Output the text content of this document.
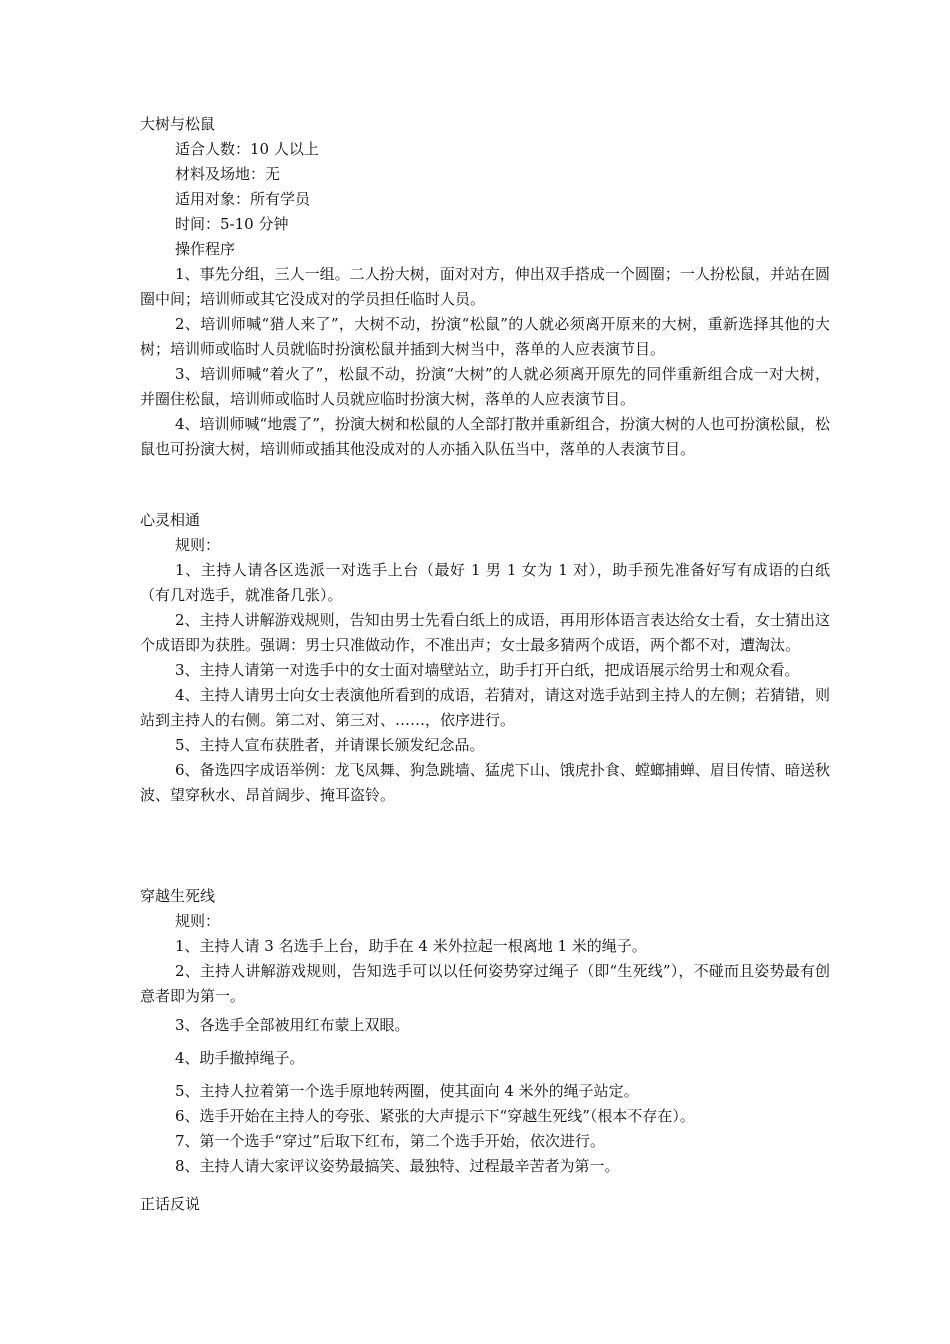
大树与松鼠
适合人数：10 人以上
材料及场地：无
适用对象：所有学员
时间：5-10 分钟
操作程序
1、事先分组，三人一组。二人扮大树，面对对方，伸出双手搭成一个圆圈；一人扮松鼠，并站在圆圈中间；培训师或其它没成对的学员担任临时人员。
2、培训师喊“猎人来了”，大树不动，扮演“松鼠”的人就必须离开原来的大树，重新选择其他的大树；培训师或临时人员就临时扮演松鼠并插到大树当中，落单的人应表演节目。
3、培训师喊“着火了”，松鼠不动，扮演“大树”的人就必须离开原先的同伴重新组合成一对大树，并圈住松鼠，培训师或临时人员就应临时扮演大树，落单的人应表演节目。
4、培训师喊“地震了”，扮演大树和松鼠的人全部打散并重新组合，扮演大树的人也可扮演松鼠，松鼠也可扮演大树，培训师或插其他没成对的人亦插入队伍当中，落单的人表演节目。
心灵相通
规则：
1、主持人请各区选派一对选手上台（最好 1 男 1 女为 1 对），助手预先准备好写有成语的白纸（有几对选手，就准备几张）。
2、主持人讲解游戏规则，告知由男士先看白纸上的成语，再用形体语言表达给女士看，女士猜出这个成语即为获胜。强调：男士只准做动作，不准出声；女士最多猜两个成语，两个都不对，遭淘汰。
3、主持人请第一对选手中的女士面对墙壁站立，助手打开白纸，把成语展示给男士和观众看。
4、主持人请男士向女士表演他所看到的成语，若猜对，请这对选手站到主持人的左侧；若猜错，则站到主持人的右侧。第二对、第三对、……，依序进行。
5、主持人宣布获胜者，并请课长颁发纪念品。
6、备选四字成语举例：龙飞凤舞、狗急跳墙、猛虎下山、饿虎扑食、螳螂捕蝉、眉目传情、暗送秋波、望穿秋水、昂首阔步、掩耳盗铃。
穿越生死线
规则：
1、主持人请 3 名选手上台，助手在 4 米外拉起一根离地 1 米的绳子。
2、主持人讲解游戏规则，告知选手可以以任何姿势穿过绳子（即“生死线”），不碰而且姿势最有创意者即为第一。
3、各选手全部被用红布蒙上双眼。
4、助手撤掉绳子。
5、主持人拉着第一个选手原地转两圈，使其面向 4 米外的绳子站定。
6、选手开始在主持人的夸张、紧张的大声提示下“穿越生死线”（根本不存在）。
7、第一个选手“穿过”后取下红布，第二个选手开始，依次进行。
8、主持人请大家评议姿势最搞笑、最独特、过程最辛苦者为第一。
正话反说
